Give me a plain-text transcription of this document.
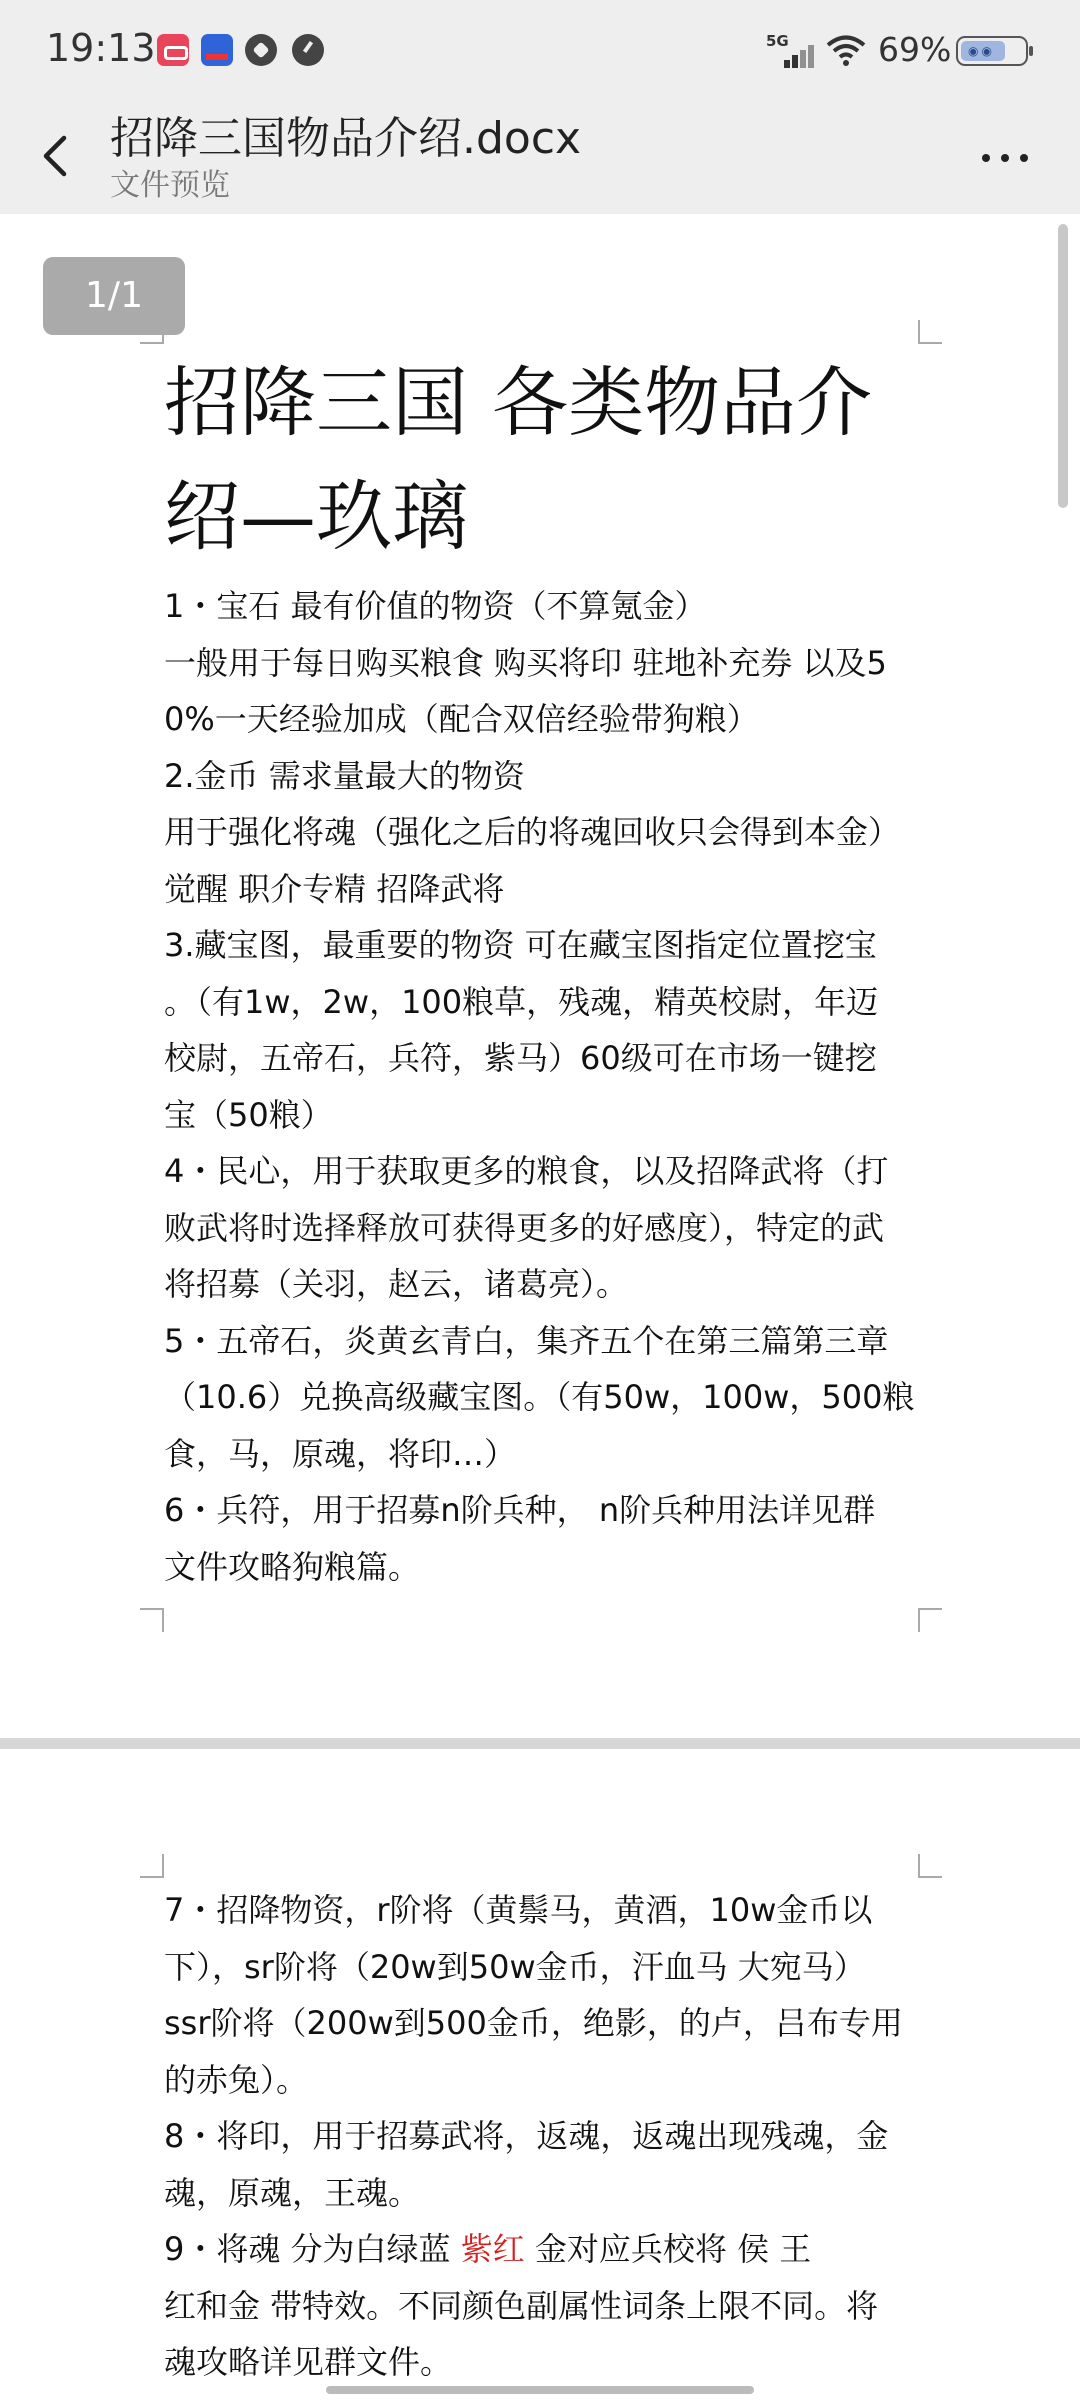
19:13	5G	69% ◉◉
招降三国物品介绍.docx
文件预览
招降三国 各类物品介
绍—玖璃

1・宝石 最有价值的物资（不算氪金）

一般用于每日购买粮食 购买将印 驻地补充券 以及5

0%一天经验加成（配合双倍经验带狗粮）

2.金币 需求量最大的物资

用于强化将魂（强化之后的将魂回收只会得到本金）

觉醒 职介专精 招降武将

3.藏宝图，最重要的物资 可在藏宝图指定位置挖宝

。（有1w，2w，100粮草，残魂，精英校尉，年迈

校尉，五帝石，兵符，紫马）60级可在市场一键挖

宝（50粮）

4・民心，用于获取更多的粮食，以及招降武将（打

败武将时选择释放可获得更多的好感度），特定的武

将招募（关羽，赵云，诸葛亮）。

5・五帝石，炎黄玄青白，集齐五个在第三篇第三章

（10.6）兑换高级藏宝图。（有50w，100w，500粮

食，马，原魂，将印…）

6・兵符，用于招募n阶兵种， n阶兵种用法详见群

文件攻略狗粮篇。

7・招降物资，r阶将（黄鬃马，黄酒，10w金币以

下），sr阶将（20w到50w金币，汗血马 大宛马）

ssr阶将（200w到500金币，绝影，的卢，吕布专用

的赤兔）。

8・将印，用于招募武将，返魂，返魂出现残魂，金

魂，原魂，王魂。

9・将魂 分为白绿蓝 紫红 金对应兵校将 侯 王

红和金 带特效。不同颜色副属性词条上限不同。将

魂攻略详见群文件。

1/1
